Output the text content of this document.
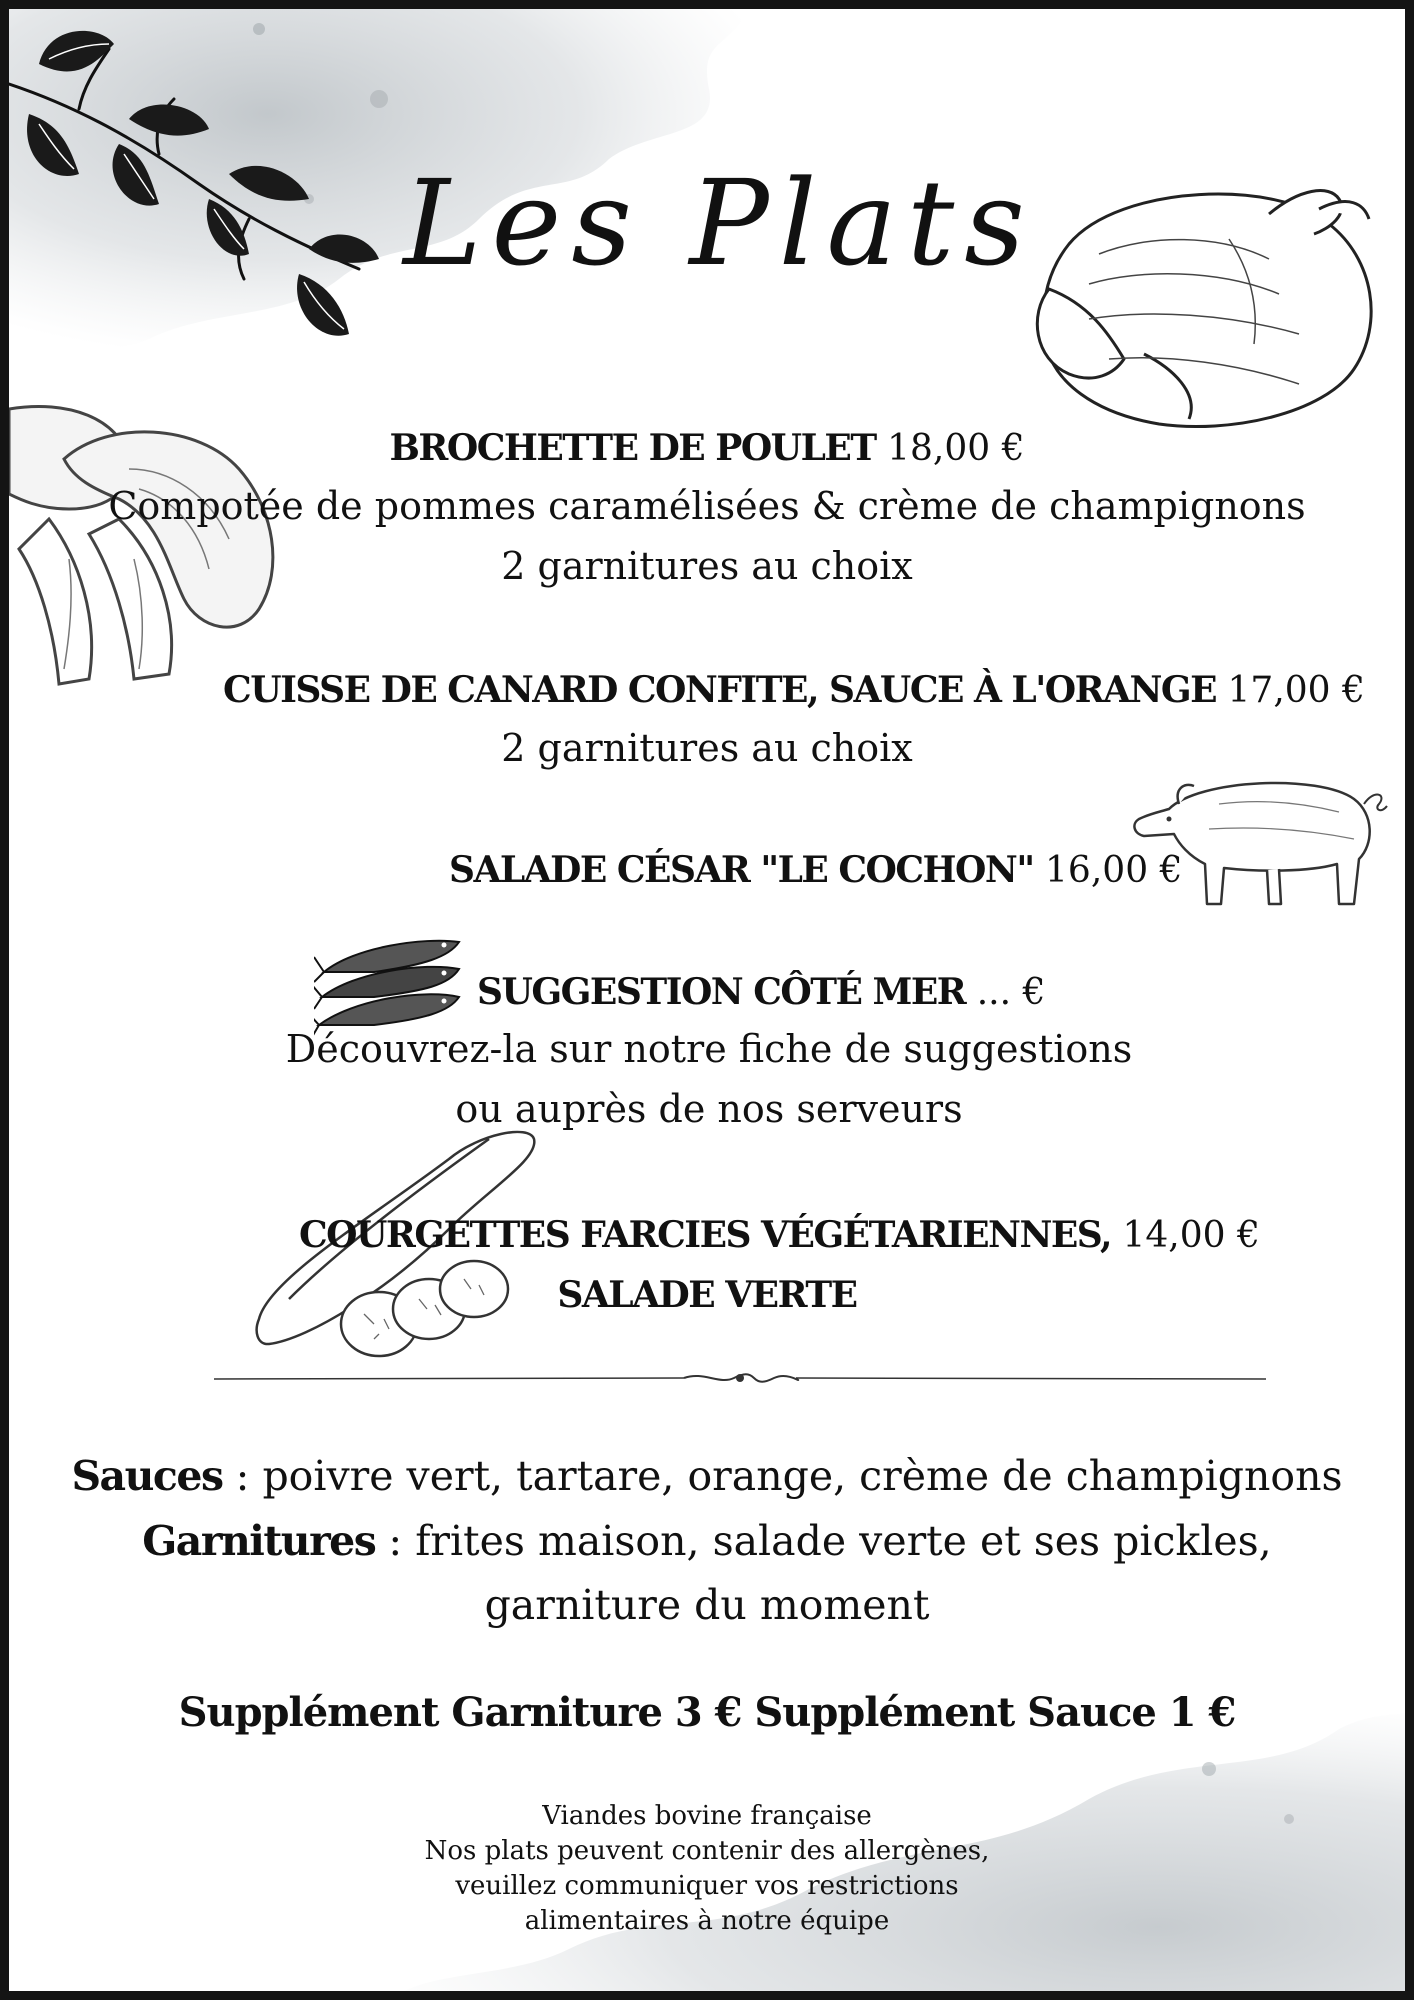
Les Plats
BROCHETTE DE POULET 18,00 €
Compotée de pommes caramélisées & crème de champignons
2 garnitures au choix
CUISSE DE CANARD CONFITE, SAUCE À L'ORANGE 17,00 €
2 garnitures au choix
SALADE CÉSAR "LE COCHON" 16,00 €
SUGGESTION CÔTÉ MER ... €
Découvrez-la sur notre fiche de suggestions
ou auprès de nos serveurs
COURGETTES FARCIES VÉGÉTARIENNES, 14,00 €
SALADE VERTE
Sauces : poivre vert, tartare, orange, crème de champignons
Garnitures : frites maison, salade verte et ses pickles,
garniture du moment
Supplément Garniture 3 € Supplément Sauce 1 €
Viandes bovine française
Nos plats peuvent contenir des allergènes,
veuillez communiquer vos restrictions
alimentaires à notre équipe
